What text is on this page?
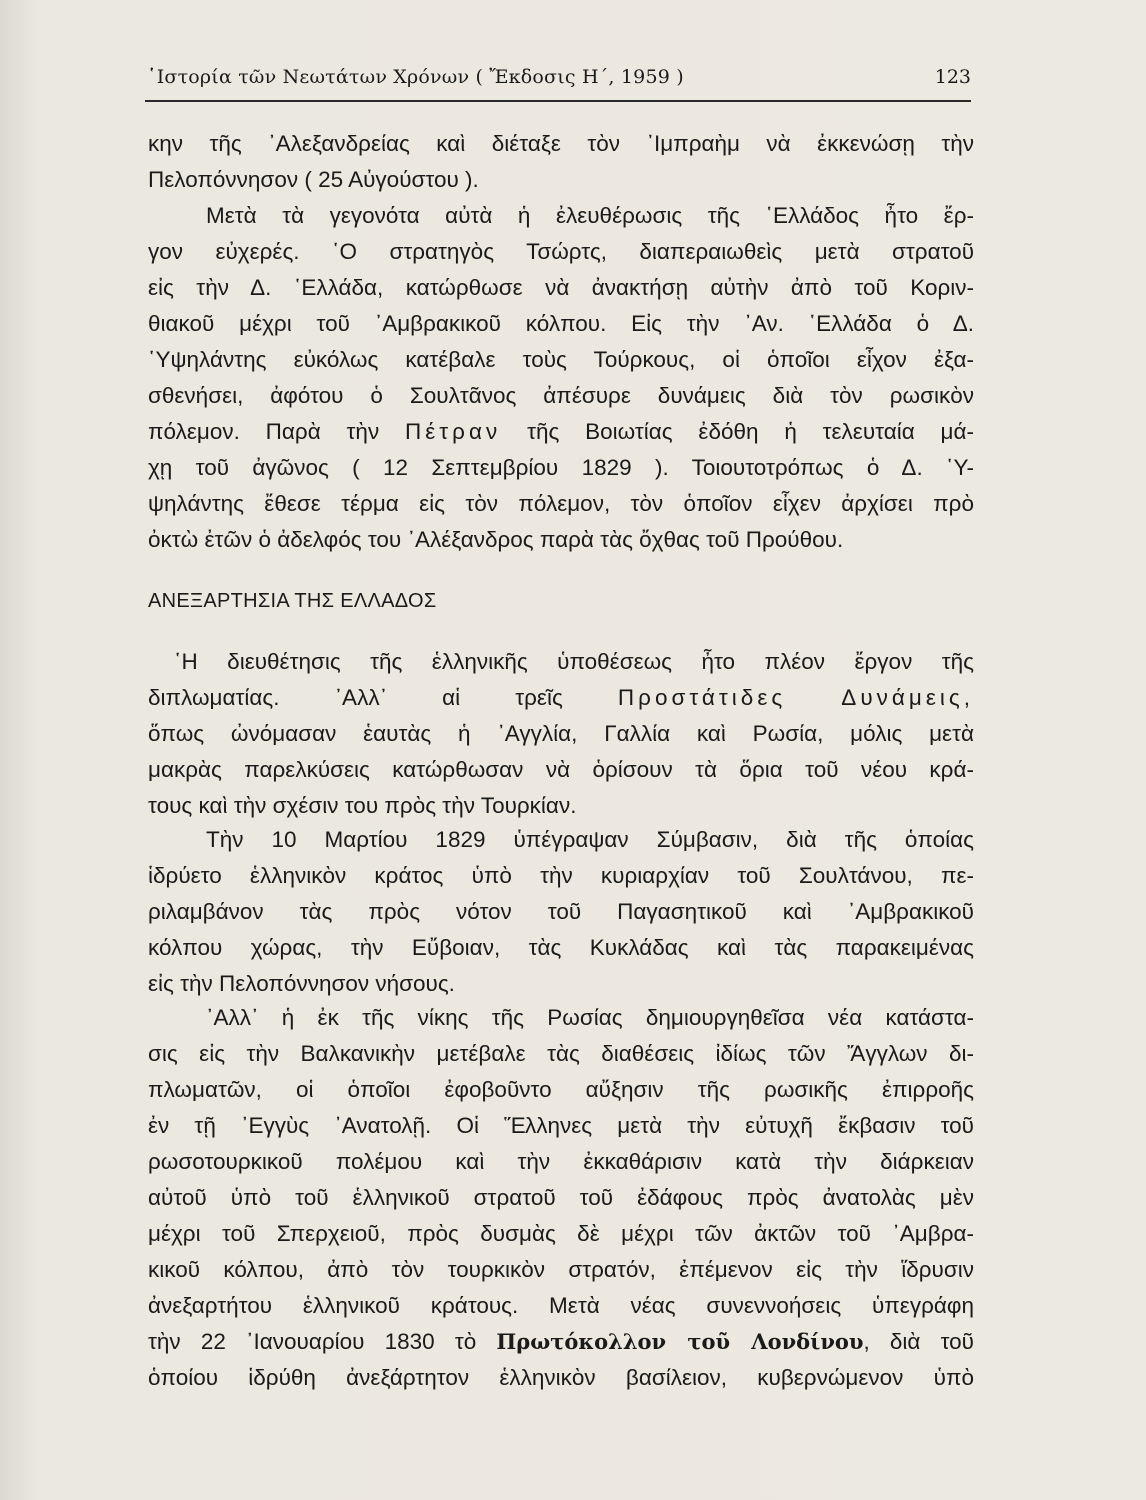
῾Ιστορία τῶν Νεωτάτων Χρόνων ( Ἔκδοσις Η΄, 1959 )	123
κην τῆς ᾿Αλεξανδρείας καὶ διέταξε τὸν ᾿Ιμπραὴμ νὰ ἐκκενώσῃ τὴν
Πελοπόννησον ( 25 Αὐγούστου ).
Μετὰ τὰ γεγονότα αὐτὰ ἡ ἐλευθέρωσις τῆς ῾Ελλάδος ἦτο ἔρ-
γον εὐχερές. ῾Ο στρατηγὸς Τσώρτς, διαπεραιωθεὶς μετὰ στρατοῦ
εἰς τὴν Δ. ῾Ελλάδα, κατώρθωσε νὰ ἀνακτήσῃ αὐτὴν ἀπὸ τοῦ Κοριν-
θιακοῦ μέχρι τοῦ ᾿Αμβρακικοῦ κόλπου. Εἰς τὴν ᾿Αν. ῾Ελλάδα ὁ Δ.
῾Υψηλάντης εὐκόλως κατέβαλε τοὺς Τούρκους, οἱ ὁποῖοι εἶχον ἐξα-
σθενήσει, ἀφότου ὁ Σουλτᾶνος ἀπέσυρε δυνάμεις διὰ τὸν ρωσικὸν
πόλεμον. Παρὰ τὴν Πέτραν τῆς Βοιωτίας ἐδόθη ἡ τελευταία μά-
χῃ τοῦ ἀγῶνος ( 12 Σεπτεμβρίου 1829 ). Τοιουτοτρόπως ὁ Δ. ῾Υ-
ψηλάντης ἔθεσε τέρμα εἰς τὸν πόλεμον, τὸν ὁποῖον εἶχεν ἀρχίσει πρὸ
ὀκτὼ ἐτῶν ὁ ἀδελφός του ᾿Αλέξανδρος παρὰ τὰς ὄχθας τοῦ Προύθου.
ΑΝΕΞΑΡΤΗΣΙΑ ΤΗΣ ΕΛΛΑΔΟΣ
῾Η διευθέτησις τῆς ἑλληνικῆς ὑποθέσεως ἦτο πλέον ἔργον τῆς
διπλωματίας. ᾿Αλλ᾿ αἱ τρεῖς Προστάτιδες Δυνάμεις,
ὅπως ὠνόμασαν ἑαυτὰς ἡ ᾿Αγγλία, Γαλλία καὶ Ρωσία, μόλις μετὰ
μακρὰς παρελκύσεις κατώρθωσαν νὰ ὁρίσουν τὰ ὅρια τοῦ νέου κρά-
τους καὶ τὴν σχέσιν του πρὸς τὴν Τουρκίαν.
Τὴν 10 Μαρτίου 1829 ὑπέγραψαν Σύμβασιν, διὰ τῆς ὁποίας
ἱδρύετο ἑλληνικὸν κράτος ὑπὸ τὴν κυριαρχίαν τοῦ Σουλτάνου, πε-
ριλαμβάνον τὰς πρὸς νότον τοῦ Παγασητικοῦ καὶ ᾿Αμβρακικοῦ
κόλπου χώρας, τὴν Εὔβοιαν, τὰς Κυκλάδας καὶ τὰς παρακειμένας
εἰς τὴν Πελοπόννησον νήσους.
᾿Αλλ᾿ ἡ ἐκ τῆς νίκης τῆς Ρωσίας δημιουργηθεῖσα νέα κατάστα-
σις εἰς τὴν Βαλκανικὴν μετέβαλε τὰς διαθέσεις ἰδίως τῶν Ἄγγλων δι-
πλωματῶν, οἱ ὁποῖοι ἐφοβοῦντο αὔξησιν τῆς ρωσικῆς ἐπιρροῆς
ἐν τῇ ᾿Εγγὺς ᾿Ανατολῇ. Οἱ Ἕλληνες μετὰ τὴν εὐτυχῆ ἔκβασιν τοῦ
ρωσοτουρκικοῦ πολέμου καὶ τὴν ἐκκαθάρισιν κατὰ τὴν διάρκειαν
αὐτοῦ ὑπὸ τοῦ ἑλληνικοῦ στρατοῦ τοῦ ἐδάφους πρὸς ἀνατολὰς μὲν
μέχρι τοῦ Σπερχειοῦ, πρὸς δυσμὰς δὲ μέχρι τῶν ἀκτῶν τοῦ ᾿Αμβρα-
κικοῦ κόλπου, ἀπὸ τὸν τουρκικὸν στρατόν, ἐπέμενον εἰς τὴν ἵδρυσιν
ἀνεξαρτήτου ἑλληνικοῦ κράτους. Μετὰ νέας συνεννοήσεις ὑπεγράφη
τὴν 22 ᾿Ιανουαρίου 1830 τὸ Πρωτόκολλον τοῦ Λονδίνου, διὰ τοῦ
ὁποίου ἱδρύθη ἀνεξάρτητον ἑλληνικὸν βασίλειον, κυβερνώμενον ὑπὸ
